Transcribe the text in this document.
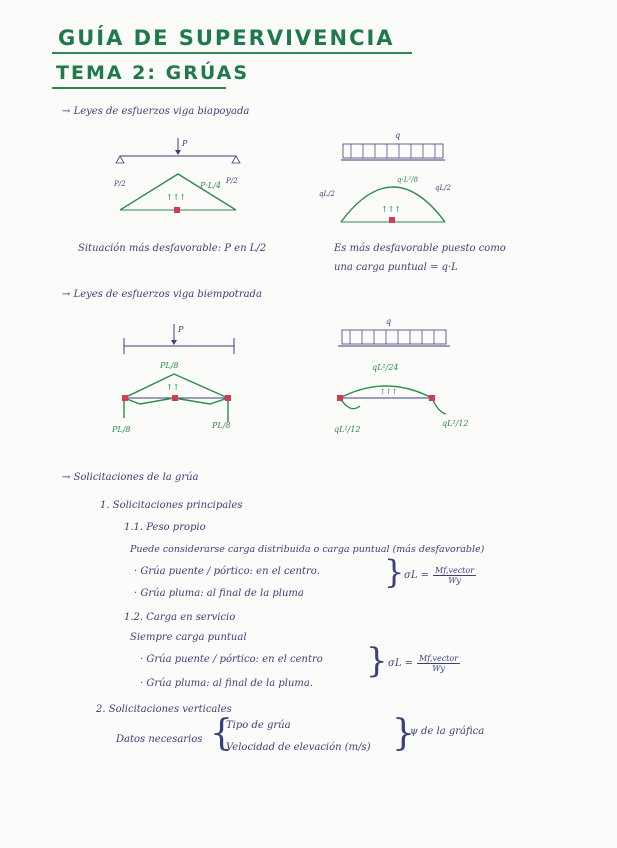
GUÍA DE SUPERVIVENCIA
TEMA 2: GRÚAS
→ Leyes de esfuerzos viga biapoyada
P
P/2	P/2
P·L/4
↑↑↑
q
qL/2
qL/2
q·L²/8
↑↑↑
Situación más desfavorable: P en L/2	Es más desfavorable puesto como
una carga puntual = q·L
→ Leyes de esfuerzos viga biempotrada
P
PL/8
↑↑
PL/8	PL/8
q
qL²/24
↑↑↑
qL²/12
qL²/12
→ Solicitaciones de la grúa
1. Solicitaciones principales
1.1. Peso propio
Puede considerarse carga distribuida o carga puntual (más desfavorable)
· Grúa puente / pórtico: en el centro.
· Grúa pluma: al final de la pluma
} σL = Mf,vector
Wy
1.2. Carga en servicio
Siempre carga puntual
· Grúa puente / pórtico: en el centro
· Grúa pluma: al final de la pluma.
} σL = Mf,vector
Wy
2. Solicitaciones verticales
Datos necesarios {
Tipo de grúa
Velocidad de elevación (m/s) }
ψ de la gráfica
